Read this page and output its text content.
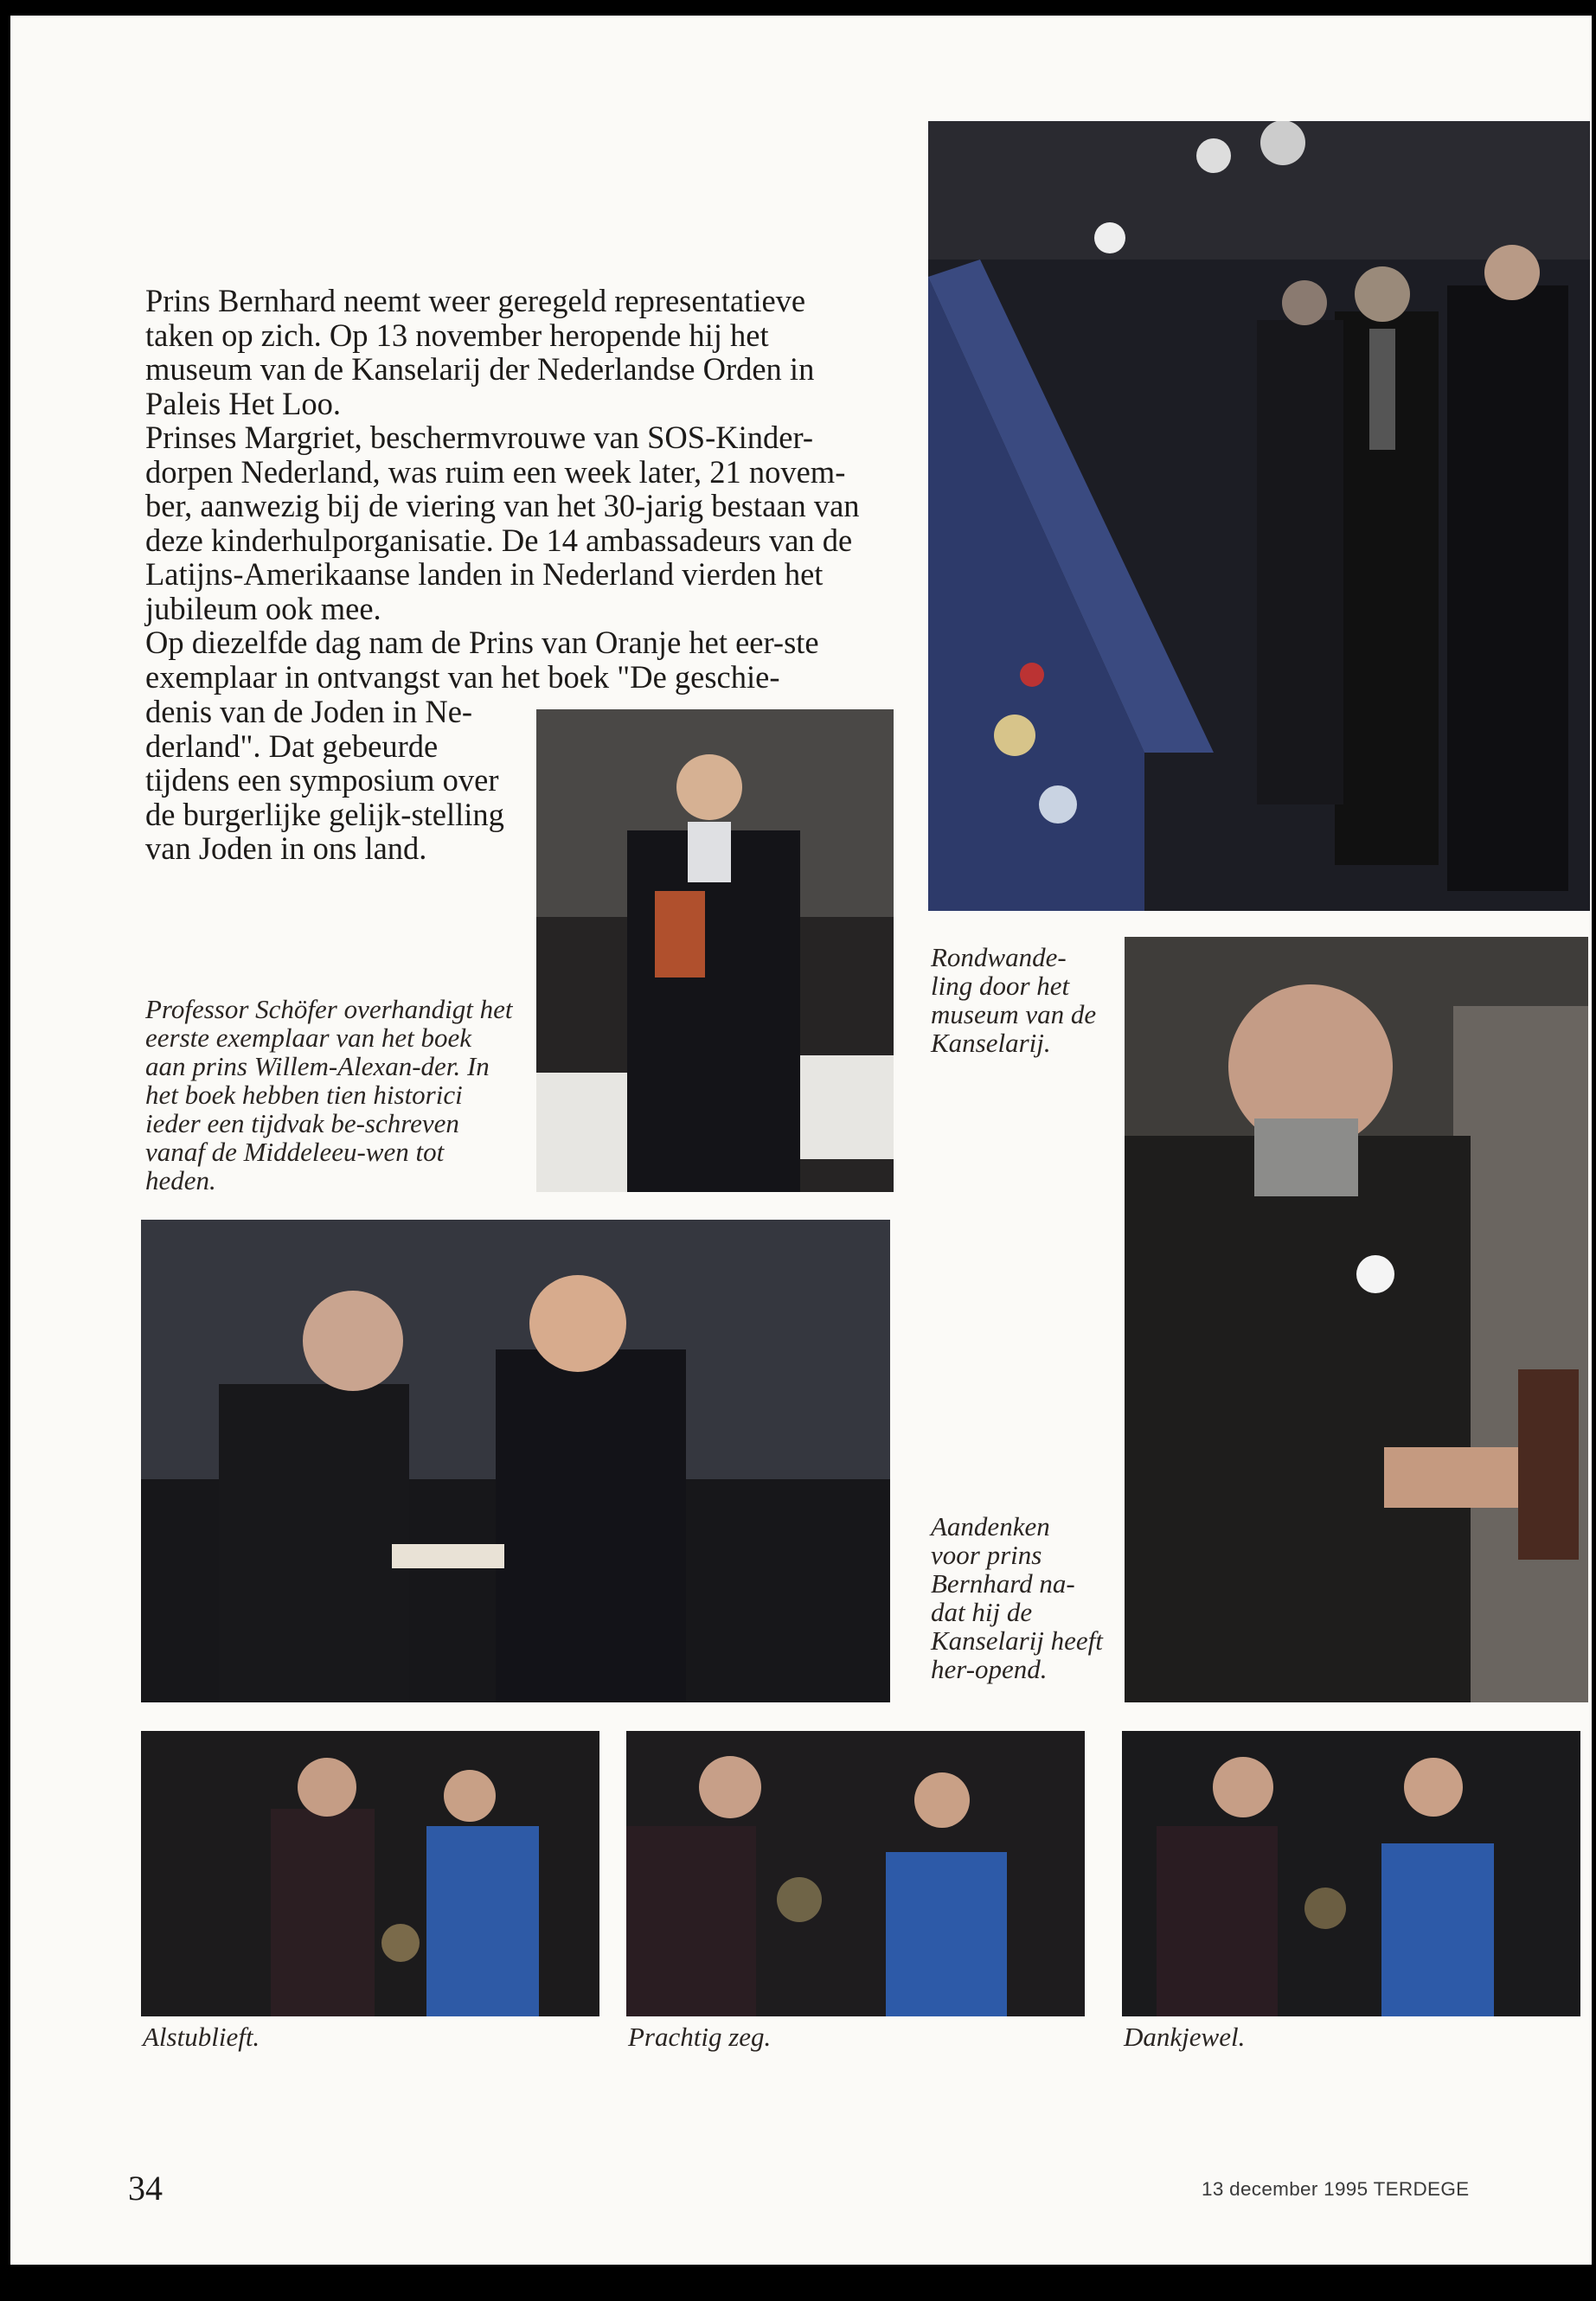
Prins Bernhard neemt weer geregeld representatieve taken op zich. Op 13 november heropende hij het museum van de Kanselarij der Nederlandse Orden in Paleis Het Loo.

Prinses Margriet, beschermvrouwe van SOS-Kinder-dorpen Nederland, was ruim een week later, 21 novem-ber, aanwezig bij de viering van het 30-jarig bestaan van deze kinderhulporganisatie. De 14 ambassadeurs van de Latijns-Amerikaanse landen in Nederland vierden het jubileum ook mee.

Op diezelfde dag nam de Prins van Oranje het eer-ste exemplaar in ontvangst van het boek "De geschie-

denis van de Joden in Ne-derland". Dat gebeurde tijdens een symposium over de burgerlijke gelijk-stelling van Joden in ons land.

Professor Schöfer overhandigt het eerste exemplaar van het boek aan prins Willem-Alexan-der. In het boek hebben tien historici ieder een tijdvak be-schreven vanaf de Middeleeu-wen tot heden.
Rondwande-ling door het museum van de Kanselarij.
Aandenken voor prins Bernhard na-dat hij de Kanselarij heeft her-opend.
Alstublieft.	Prachtig zeg.	Dankjewel.
34	13 december 1995 TERDEGE
